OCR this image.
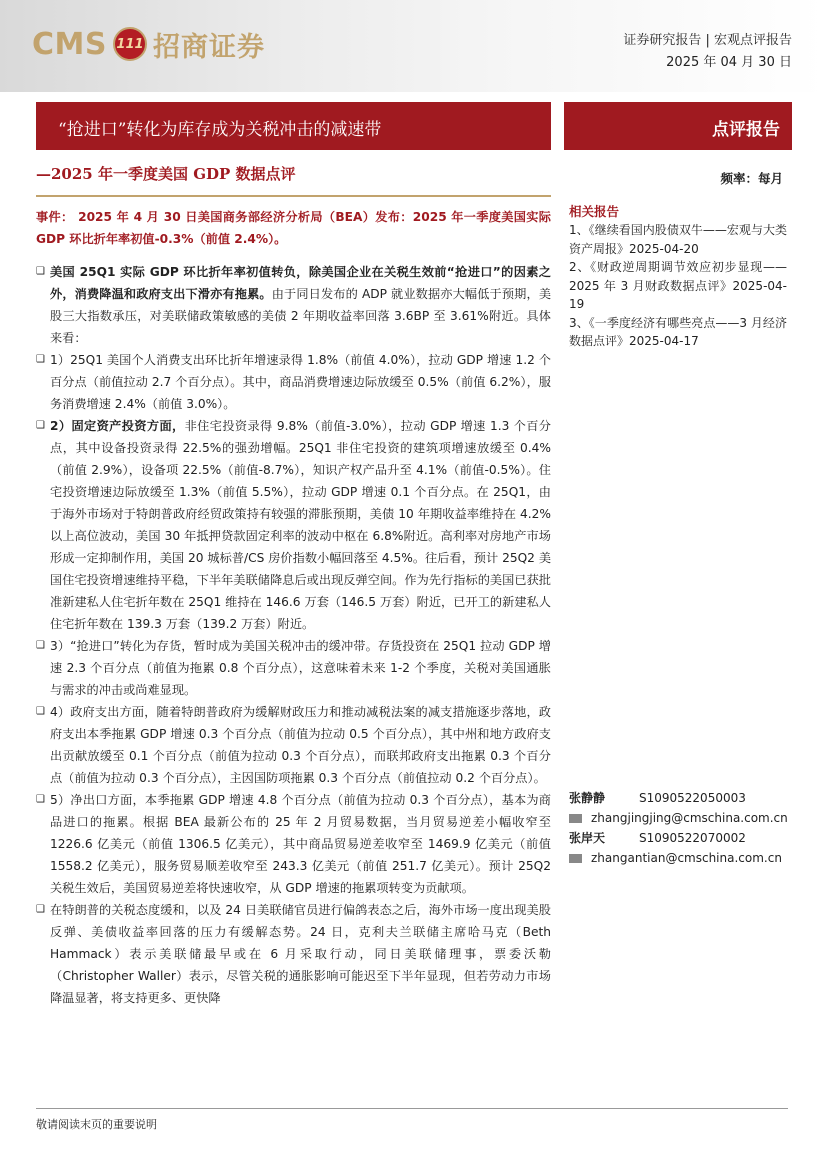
CMS 111 招商证券	证券研究报告 | 宏观点评报告
2025 年 04 月 30 日
“抢进口”转化为库存成为关税冲击的减速带	点评报告
—2025 年一季度美国 GDP 数据点评
事件： 2025 年 4 月 30 日美国商务部经济分析局（BEA）发布：2025 年一季度美国实际 GDP 环比折年率初值-0.3%（前值 2.4%）。
❑ 美国 25Q1 实际 GDP 环比折年率初值转负，除美国企业在关税生效前“抢进口”的因素之外，消费降温和政府支出下滑亦有拖累。由于同日发布的 ADP 就业数据亦大幅低于预期，美股三大指数承压，对美联储政策敏感的美债 2 年期收益率回落 3.6BP 至 3.61%附近。具体来看：
❑ 1）25Q1 美国个人消费支出环比折年增速录得 1.8%（前值 4.0%），拉动 GDP 增速 1.2 个百分点（前值拉动 2.7 个百分点）。其中，商品消费增速边际放缓至 0.5%（前值 6.2%），服务消费增速 2.4%（前值 3.0%）。
❑ 2）固定资产投资方面，非住宅投资录得 9.8%（前值-3.0%），拉动 GDP 增速 1.3 个百分点，其中设备投资录得 22.5%的强劲增幅。25Q1 非住宅投资的建筑项增速放缓至 0.4%（前值 2.9%），设备项 22.5%（前值-8.7%），知识产权产品升至 4.1%（前值-0.5%）。住宅投资增速边际放缓至 1.3%（前值 5.5%），拉动 GDP 增速 0.1 个百分点。在 25Q1，由于海外市场对于特朗普政府经贸政策持有较强的滞胀预期，美债 10 年期收益率维持在 4.2%以上高位波动，美国 30 年抵押贷款固定利率的波动中枢在 6.8%附近。高利率对房地产市场形成一定抑制作用，美国 20 城标普/CS 房价指数小幅回落至 4.5%。往后看，预计 25Q2 美国住宅投资增速维持平稳，下半年美联储降息后或出现反弹空间。作为先行指标的美国已获批准新建私人住宅折年数在 25Q1 维持在 146.6 万套（146.5 万套）附近，已开工的新建私人住宅折年数在 139.3 万套（139.2 万套）附近。
❑ 3）“抢进口”转化为存货，暂时成为美国关税冲击的缓冲带。存货投资在 25Q1 拉动 GDP 增速 2.3 个百分点（前值为拖累 0.8 个百分点），这意味着未来 1-2 个季度，关税对美国通胀与需求的冲击或尚难显现。
❑ 4）政府支出方面，随着特朗普政府为缓解财政压力和推动减税法案的减支措施逐步落地，政府支出本季拖累 GDP 增速 0.3 个百分点（前值为拉动 0.5 个百分点），其中州和地方政府支出贡献放缓至 0.1 个百分点（前值为拉动 0.3 个百分点），而联邦政府支出拖累 0.3 个百分点（前值为拉动 0.3 个百分点），主因国防项拖累 0.3 个百分点（前值拉动 0.2 个百分点）。
❑ 5）净出口方面，本季拖累 GDP 增速 4.8 个百分点（前值为拉动 0.3 个百分点），基本为商品进口的拖累。根据 BEA 最新公布的 25 年 2 月贸易数据，当月贸易逆差小幅收窄至 1226.6 亿美元（前值 1306.5 亿美元），其中商品贸易逆差收窄至 1469.9 亿美元（前值 1558.2 亿美元），服务贸易顺差收窄至 243.3 亿美元（前值 251.7 亿美元）。预计 25Q2 关税生效后，美国贸易逆差将快速收窄，从 GDP 增速的拖累项转变为贡献项。
❑ 在特朗普的关税态度缓和，以及 24 日美联储官员进行偏鸽表态之后，海外市场一度出现美股反弹、美债收益率回落的压力有缓解态势。24 日，克利夫兰联储主席哈马克（Beth Hammack）表示美联储最早或在 6 月采取行动，同日美联储理事，票委沃勒（Christopher Waller）表示，尽管关税的通胀影响可能迟至下半年显现，但若劳动力市场降温显著，将支持更多、更快降
频率：每月
相关报告
1、《继续看国内股债双牛——宏观与大类资产周报》2025-04-20
2、《财政逆周期调节效应初步显现——2025 年 3 月财政数据点评》2025-04-19
3、《一季度经济有哪些亮点——3 月经济数据点评》2025-04-17
张静静	S1090522050003
zhangjingjing@cmschina.com.cn
张岸天	S1090522070002
zhangantian@cmschina.com.cn
敬请阅读末页的重要说明
